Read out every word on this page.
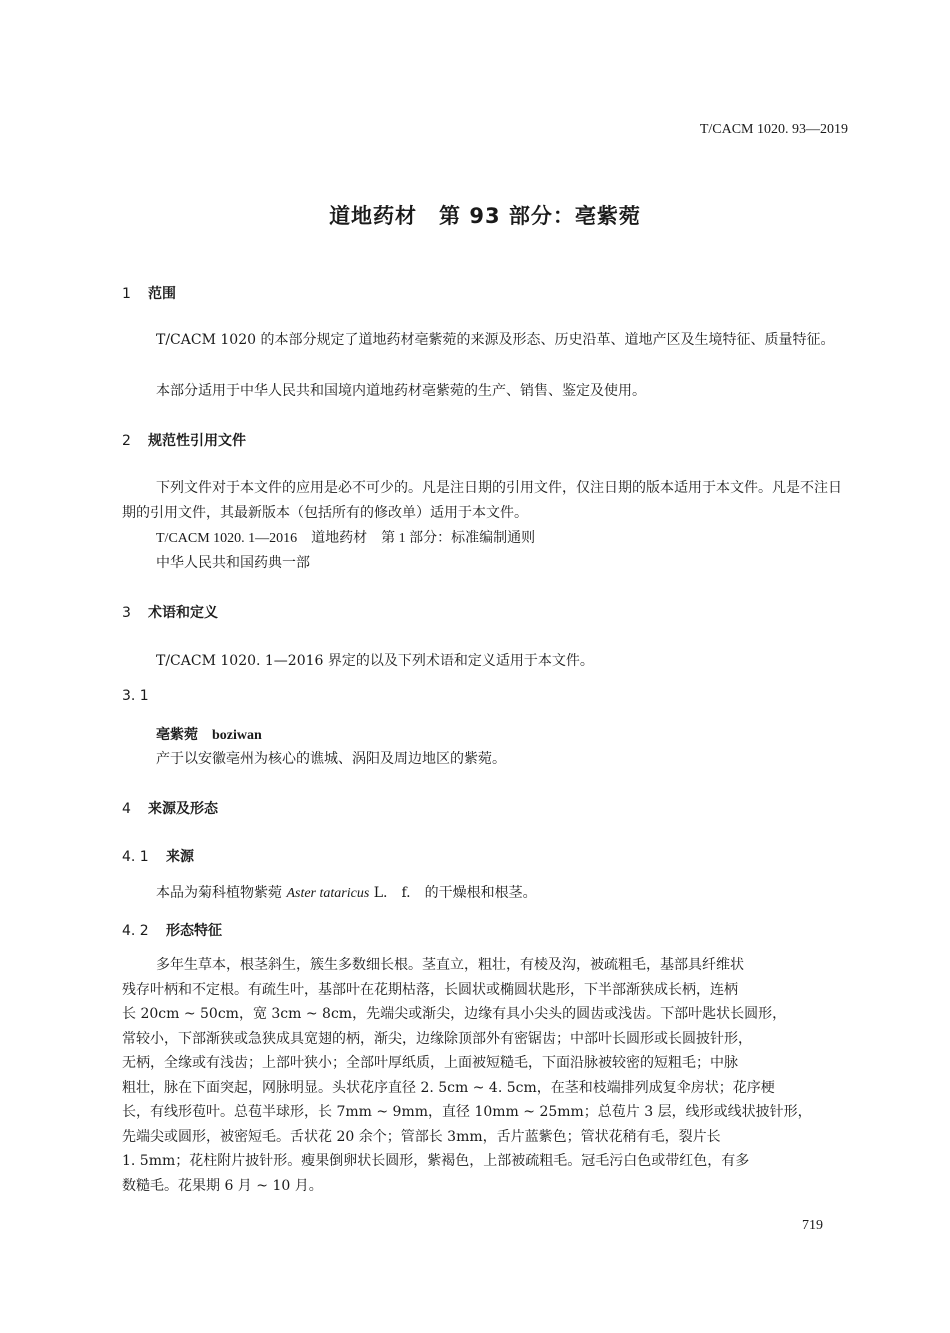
T/CACM 1020. 93—2019
道地药材　第 93 部分：亳紫菀
1 范围
T/CACM 1020 的本部分规定了道地药材亳紫菀的来源及形态、历史沿革、道地产区及生境特征、质量特征。
本部分适用于中华人民共和国境内道地药材亳紫菀的生产、销售、鉴定及使用。
2 规范性引用文件
下列文件对于本文件的应用是必不可少的。凡是注日期的引用文件，仅注日期的版本适用于本文件。凡是不注日期的引用文件，其最新版本（包括所有的修改单）适用于本文件。
T/CACM 1020. 1—2016　道地药材　第 1 部分：标准编制通则
中华人民共和国药典一部
3 术语和定义
T/CACM 1020. 1—2016 界定的以及下列术语和定义适用于本文件。
3. 1
亳紫菀 boziwan
产于以安徽亳州为核心的谯城、涡阳及周边地区的紫菀。
4 来源及形态
4. 1 来源
本品为菊科植物紫菀 Aster tataricus L.　f.　的干燥根和根茎。
4. 2 形态特征
多年生草本，根茎斜生，簇生多数细长根。茎直立，粗壮，有棱及沟，被疏粗毛，基部具纤维状
残存叶柄和不定根。有疏生叶，基部叶在花期枯落，长圆状或椭圆状匙形，下半部渐狭成长柄，连柄
长 20cm ~ 50cm，宽 3cm ~ 8cm，先端尖或渐尖，边缘有具小尖头的圆齿或浅齿。下部叶匙状长圆形，
常较小，下部渐狭或急狭成具宽翅的柄，渐尖，边缘除顶部外有密锯齿；中部叶长圆形或长圆披针形，
无柄，全缘或有浅齿；上部叶狭小；全部叶厚纸质，上面被短糙毛，下面沿脉被较密的短粗毛；中脉
粗壮，脉在下面突起，网脉明显。头状花序直径 2. 5cm ~ 4. 5cm，在茎和枝端排列成复伞房状；花序梗
长，有线形苞叶。总苞半球形，长 7mm ~ 9mm，直径 10mm ~ 25mm；总苞片 3 层，线形或线状披针形，
先端尖或圆形，被密短毛。舌状花 20 余个；管部长 3mm，舌片蓝紫色；管状花稍有毛，裂片长
1. 5mm；花柱附片披针形。瘦果倒卵状长圆形，紫褐色，上部被疏粗毛。冠毛污白色或带红色，有多
数糙毛。花果期 6 月 ~ 10 月。
719
